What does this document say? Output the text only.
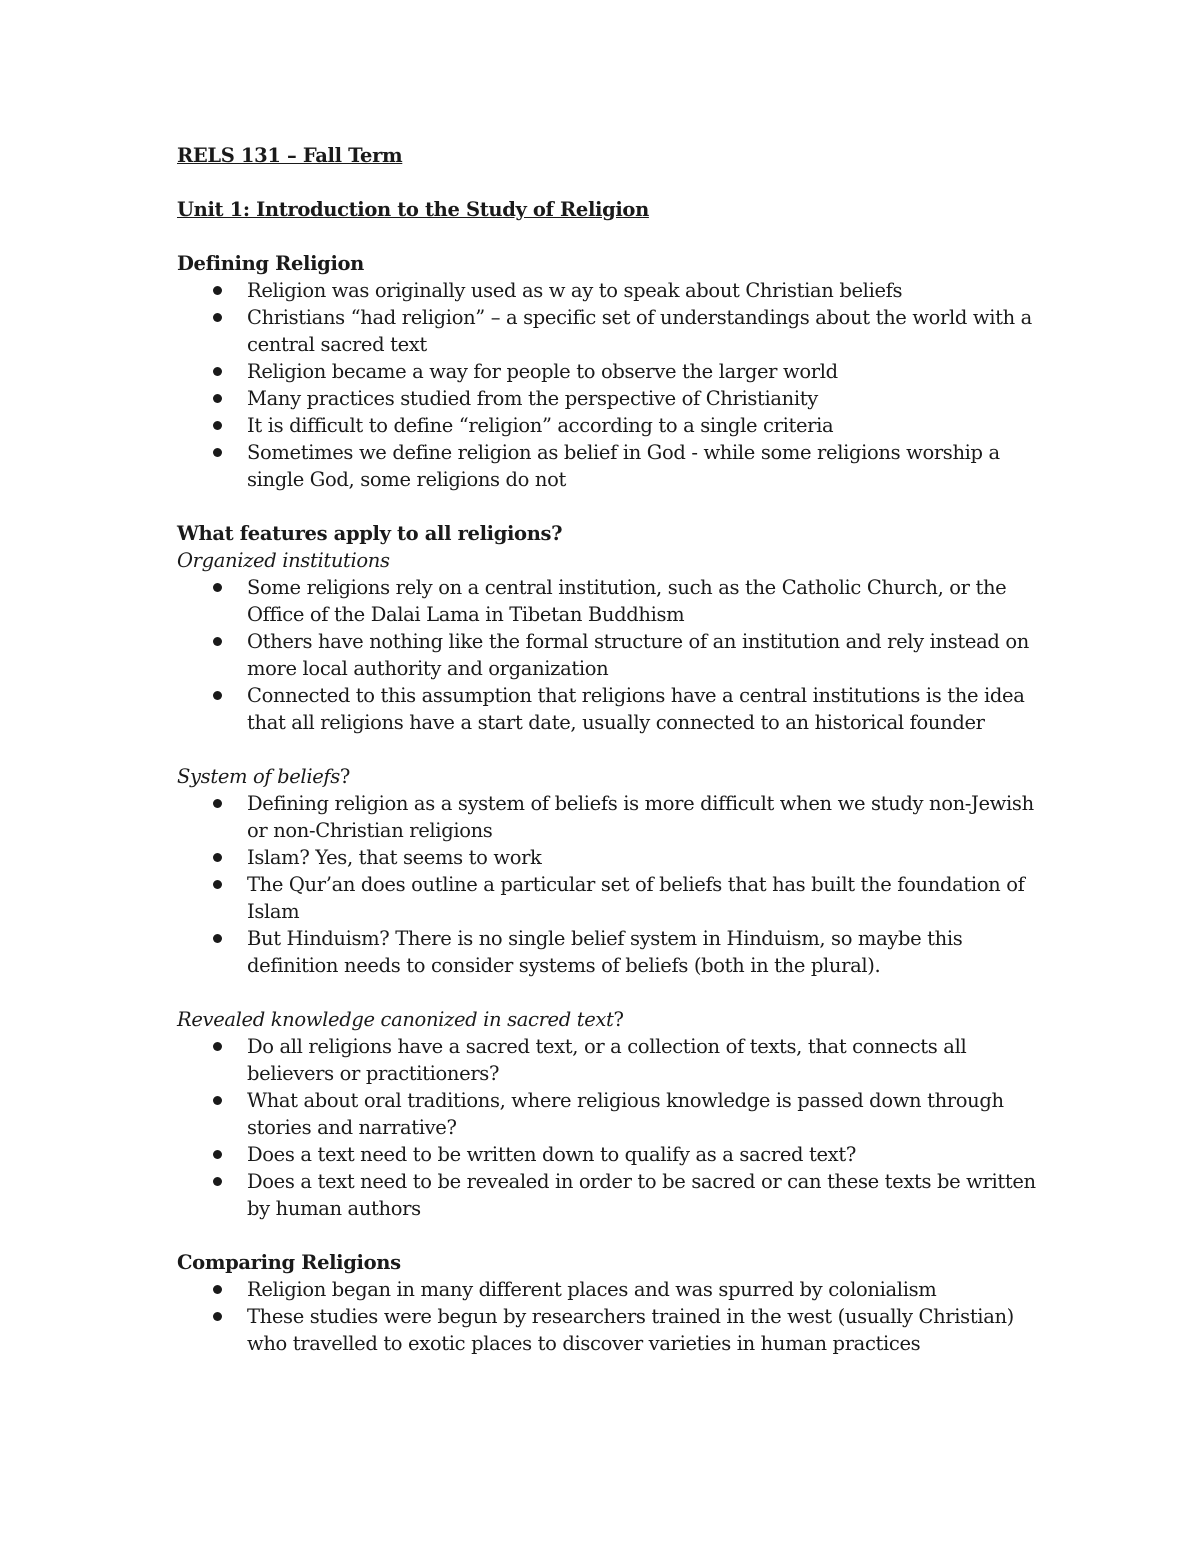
RELS 131 – Fall Term

Unit 1: Introduction to the Study of Religion

Defining Religion

Religion was originally used as w ay to speak about Christian beliefs
Christians “had religion” – a specific set of understandings about the world with a central sacred text
Religion became a way for people to observe the larger world
Many practices studied from the perspective of Christianity
It is difficult to define “religion” according to a single criteria
Sometimes we define religion as belief in God - while some religions worship a single God, some religions do not

What features apply to all religions?

Organized institutions

Some religions rely on a central institution, such as the Catholic Church, or the Office of the Dalai Lama in Tibetan Buddhism
Others have nothing like the formal structure of an institution and rely instead on more local authority and organization
Connected to this assumption that religions have a central institutions is the idea that all religions have a start date, usually connected to an historical founder

System of beliefs?

Defining religion as a system of beliefs is more difficult when we study non-Jewish or non-Christian religions
Islam? Yes, that seems to work
The Qur’an does outline a particular set of beliefs that has built the foundation of Islam
But Hinduism? There is no single belief system in Hinduism, so maybe this definition needs to consider systems of beliefs (both in the plural).

Revealed knowledge canonized in sacred text?

Do all religions have a sacred text, or a collection of texts, that connects all believers or practitioners?
What about oral traditions, where religious knowledge is passed down through stories and narrative?
Does a text need to be written down to qualify as a sacred text?
Does a text need to be revealed in order to be sacred or can these texts be written by human authors

Comparing Religions

Religion began in many different places and was spurred by colonialism
These studies were begun by researchers trained in the west (usually Christian) who travelled to exotic places to discover varieties in human practices
